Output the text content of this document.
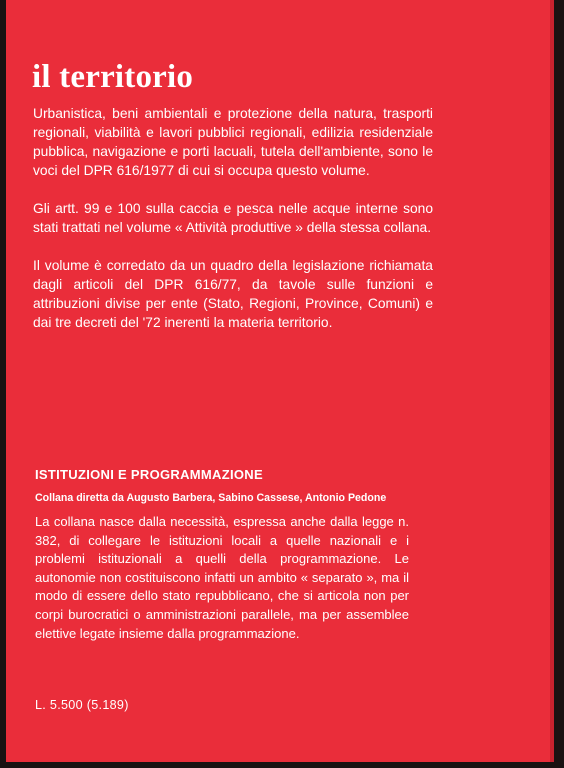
il territorio

Urbanistica, beni ambientali e protezione della natura, trasporti regionali, viabilità e lavori pubblici regionali, edilizia residenziale pubblica, navigazione e porti lacuali, tutela dell'ambiente, sono le voci del DPR 616/1977 di cui si occupa questo volume.

Gli artt. 99 e 100 sulla caccia e pesca nelle acque interne sono stati trattati nel volume « Attività produttive » della stessa collana.

Il volume è corredato da un quadro della legislazione richiamata dagli articoli del DPR 616/77, da tavole sulle funzioni e attribuzioni divise per ente (Stato, Regioni, Province, Comuni) e dai tre decreti del '72 inerenti la materia territorio.

ISTITUZIONI E PROGRAMMAZIONE

Collana diretta da Augusto Barbera, Sabino Cassese, Antonio Pedone

La collana nasce dalla necessità, espressa anche dalla legge n. 382, di collegare le istituzioni locali a quelle nazionali e i problemi istituzionali a quelli della programmazione. Le autonomie non costituiscono infatti un ambito « separato », ma il modo di essere dello stato repubblicano, che si articola non per corpi burocratici o amministrazioni parallele, ma per assemblee elettive legate insieme dalla programmazione.

L. 5.500 (5.189)
